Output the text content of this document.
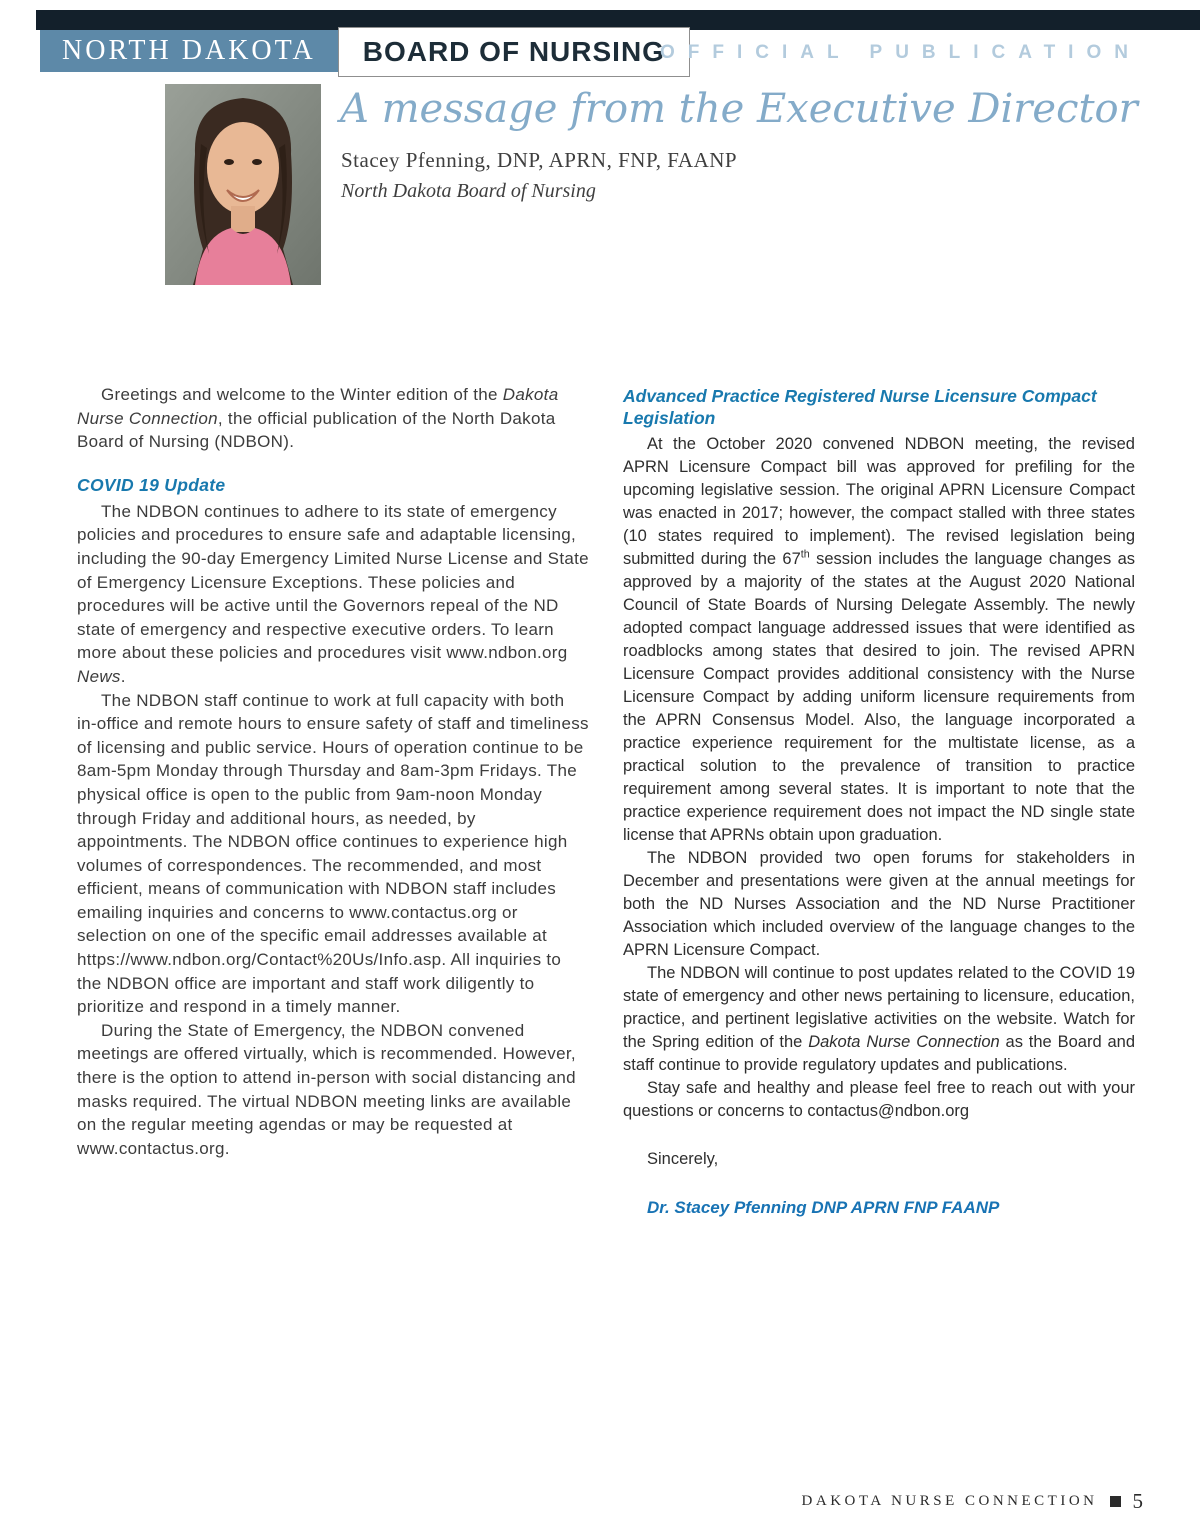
NORTH DAKOTA BOARD OF NURSING
OFFICIAL PUBLICATION
A message from the Executive Director
Stacey Pfenning, DNP, APRN, FNP, FAANP
North Dakota Board of Nursing

Greetings and welcome to the Winter edition of the Dakota Nurse Connection, the official publication of the North Dakota Board of Nursing (NDBON).

COVID 19 Update

The NDBON continues to adhere to its state of emergency policies and procedures to ensure safe and adaptable licensing, including the 90-day Emergency Limited Nurse License and State of Emergency Licensure Exceptions. These policies and procedures will be active until the Governors repeal of the ND state of emergency and respective executive orders. To learn more about these policies and procedures visit www.ndbon.org News.

The NDBON staff continue to work at full capacity with both in-office and remote hours to ensure safety of staff and timeliness of licensing and public service. Hours of operation continue to be 8am-5pm Monday through Thursday and 8am-3pm Fridays. The physical office is open to the public from 9am-noon Monday through Friday and additional hours, as needed, by appointments. The NDBON office continues to experience high volumes of correspondences. The recommended, and most efficient, means of communication with NDBON staff includes emailing inquiries and concerns to www.contactus.org or selection on one of the specific email addresses available at https://www.ndbon.org/Contact%20Us/Info.asp. All inquiries to the NDBON office are important and staff work diligently to prioritize and respond in a timely manner.

During the State of Emergency, the NDBON convened meetings are offered virtually, which is recommended. However, there is the option to attend in-person with social distancing and masks required. The virtual NDBON meeting links are available on the regular meeting agendas or may be requested at www.contactus.org.

Advanced Practice Registered Nurse Licensure Compact Legislation

At the October 2020 convened NDBON meeting, the revised APRN Licensure Compact bill was approved for prefiling for the upcoming legislative session. The original APRN Licensure Compact was enacted in 2017; however, the compact stalled with three states (10 states required to implement). The revised legislation being submitted during the 67th session includes the language changes as approved by a majority of the states at the August 2020 National Council of State Boards of Nursing Delegate Assembly. The newly adopted compact language addressed issues that were identified as roadblocks among states that desired to join. The revised APRN Licensure Compact provides additional consistency with the Nurse Licensure Compact by adding uniform licensure requirements from the APRN Consensus Model. Also, the language incorporated a practice experience requirement for the multistate license, as a practical solution to the prevalence of transition to practice requirement among several states. It is important to note that the practice experience requirement does not impact the ND single state license that APRNs obtain upon graduation.

The NDBON provided two open forums for stakeholders in December and presentations were given at the annual meetings for both the ND Nurses Association and the ND Nurse Practitioner Association which included overview of the language changes to the APRN Licensure Compact.

The NDBON will continue to post updates related to the COVID 19 state of emergency and other news pertaining to licensure, education, practice, and pertinent legislative activities on the website. Watch for the Spring edition of the Dakota Nurse Connection as the Board and staff continue to provide regulatory updates and publications.

Stay safe and healthy and please feel free to reach out with your questions or concerns to contactus@ndbon.org

Sincerely,

Dr. Stacey Pfenning DNP APRN FNP FAANP

DAKOTA NURSE CONNECTION 5
